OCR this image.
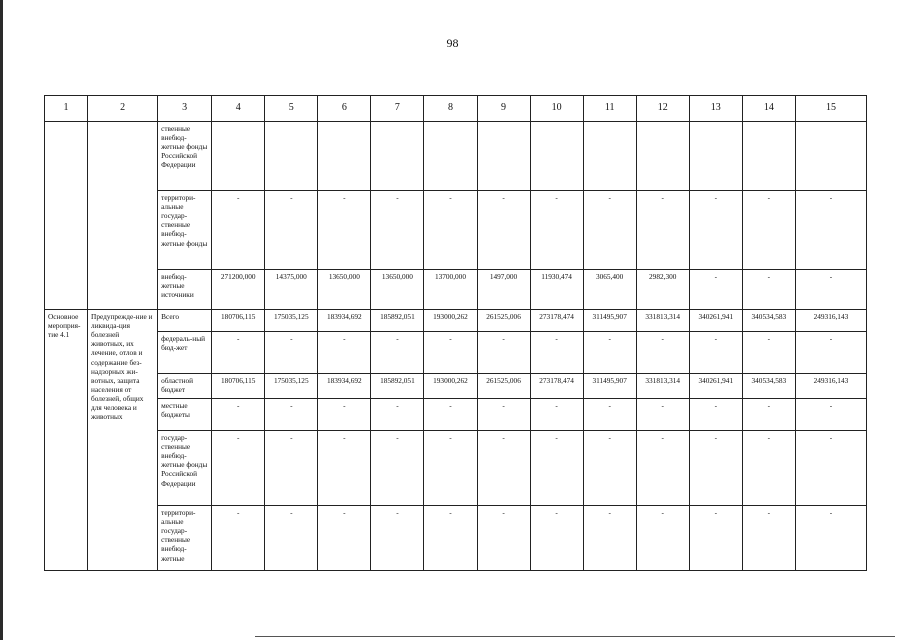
98
1	2	3	4	5	6	7	8	9	10	11	12	13	14	15
		ственные внебюд-жетные фонды Российской Федерации												
		территори-альные государ-ственные внебюд-жетные фонды	-	-	-	-	-	-	-	-	-	-	-	-
		внебюд-жетные источники	271200,000	14375,000	13650,000	13650,000	13700,000	1497,000	11930,474	3065,400	2982,300	-	-	-
Основное мероприя-тие 4.1	Предупрежде-ние и ликвида-ция болезней животных, их лечение, отлов и содержание без-надзорных жи-вотных, защита населения от болезней, общих для человека и животных	Всего	180706,115	175035,125	183934,692	185892,051	193000,262	261525,006	273178,474	311495,907	331813,314	340261,941	340534,583	249316,143
		федераль-ный бюд-жет	-	-	-	-	-	-	-	-	-	-	-	-
		областной бюджет	180706,115	175035,125	183934,692	185892,051	193000,262	261525,006	273178,474	311495,907	331813,314	340261,941	340534,583	249316,143
		местные бюджеты	-	-	-	-	-	-	-	-	-	-	-	-
		государ-ственные внебюд-жетные фонды Российской Федерации	-	-	-	-	-	-	-	-	-	-	-	-
		территори-альные государ-ственные внебюд-жетные	-	-	-	-	-	-	-	-	-	-	-	-
